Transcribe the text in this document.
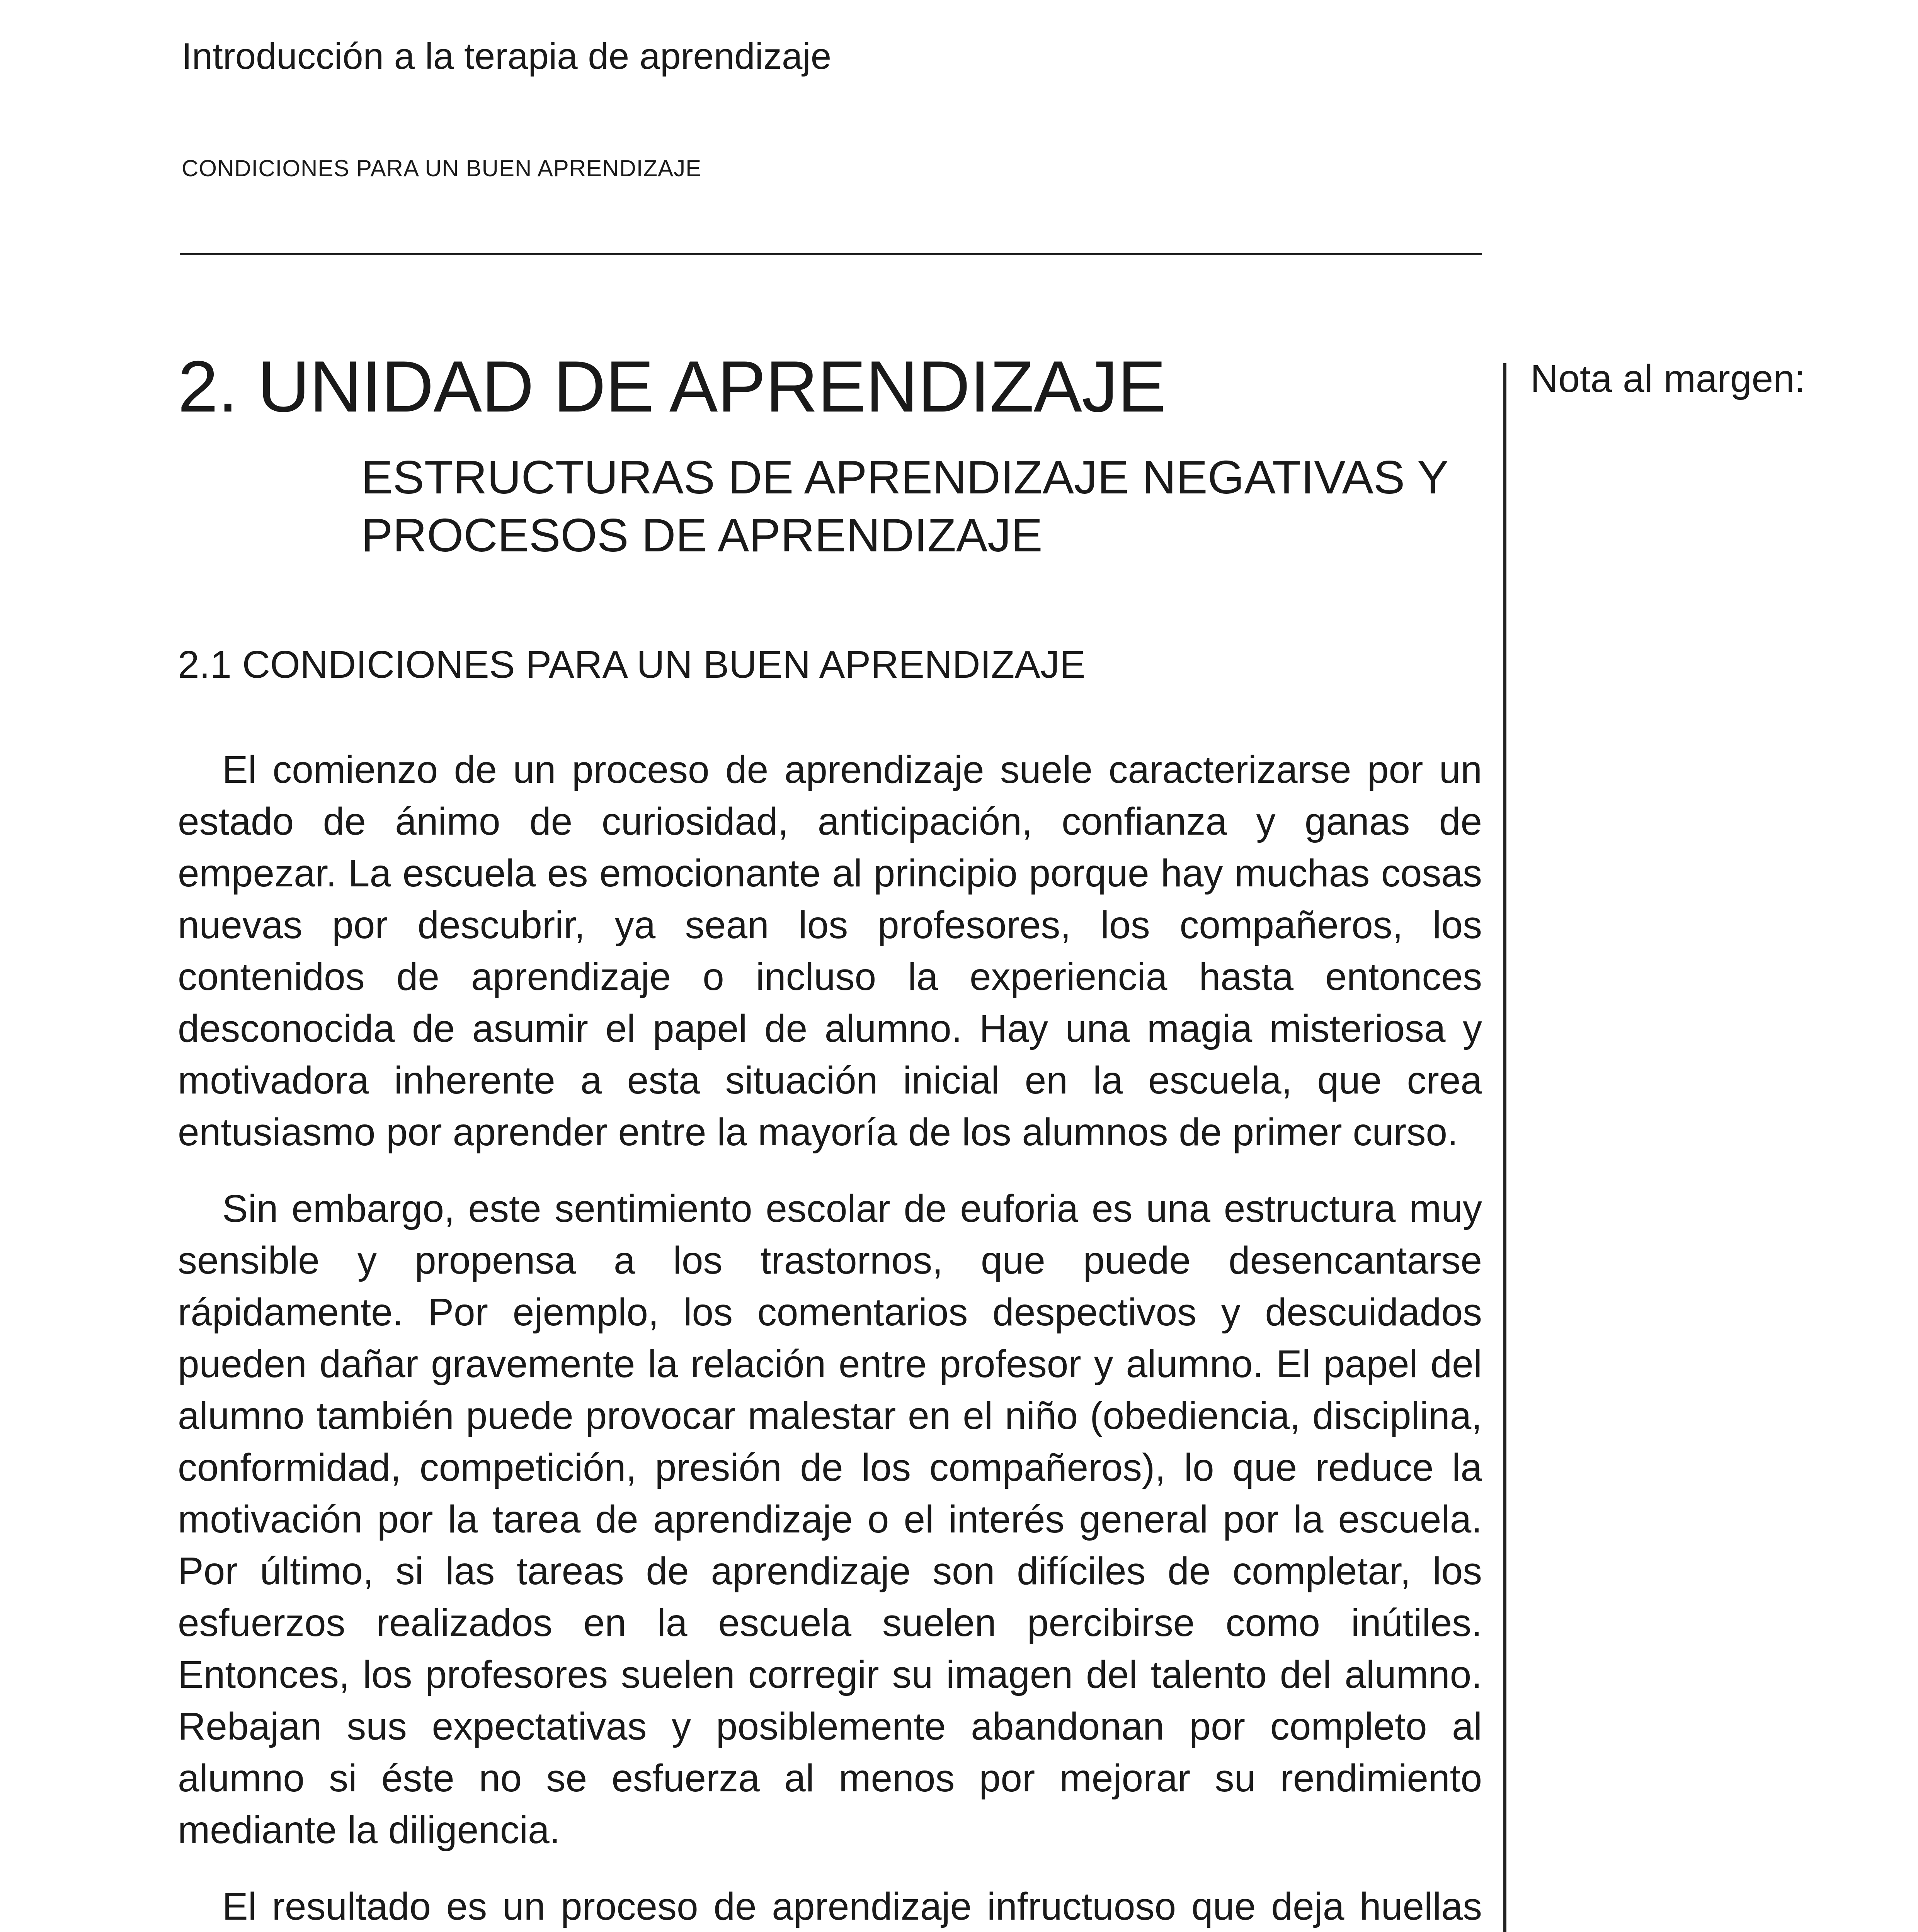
Introducción a la terapia de aprendizaje
CONDICIONES PARA UN BUEN APRENDIZAJE
2. UNIDAD DE APRENDIZAJE
ESTRUCTURAS DE APRENDIZAJE NEGATIVAS Y PROCESOS DE APRENDIZAJE
2.1 CONDICIONES PARA UN BUEN APRENDIZAJE

El comienzo de un proceso de aprendizaje suele caracterizarse por un estado de ánimo de curiosidad, anticipación, confianza y ganas de empezar. La escuela es emocionante al principio porque hay muchas cosas nuevas por descubrir, ya sean los profesores, los compañeros, los contenidos de aprendizaje o incluso la experiencia hasta entonces desconocida de asumir el papel de alumno. Hay una magia misteriosa y motivadora inherente a esta situación inicial en la escuela, que crea entusiasmo por aprender entre la mayoría de los alumnos de primer curso.

Sin embargo, este sentimiento escolar de euforia es una estructura muy sensible y propensa a los trastornos, que puede desencantarse rápidamente. Por ejemplo, los comentarios despectivos y descuidados pueden dañar gravemente la relación entre profesor y alumno. El papel del alumno también puede provocar malestar en el niño (obediencia, disciplina, conformidad, competición, presión de los compañeros), lo que reduce la motivación por la tarea de aprendizaje o el interés general por la escuela. Por último, si las tareas de aprendizaje son difíciles de completar, los esfuerzos realizados en la escuela suelen percibirse como inútiles. Entonces, los profesores suelen corregir su imagen del talento del alumno. Rebajan sus expectativas y posiblemente abandonan por completo al alumno si éste no se esfuerza al menos por mejorar su rendimiento mediante la diligencia.

El resultado es un proceso de aprendizaje infructuoso que deja huellas

Nota al margen:
